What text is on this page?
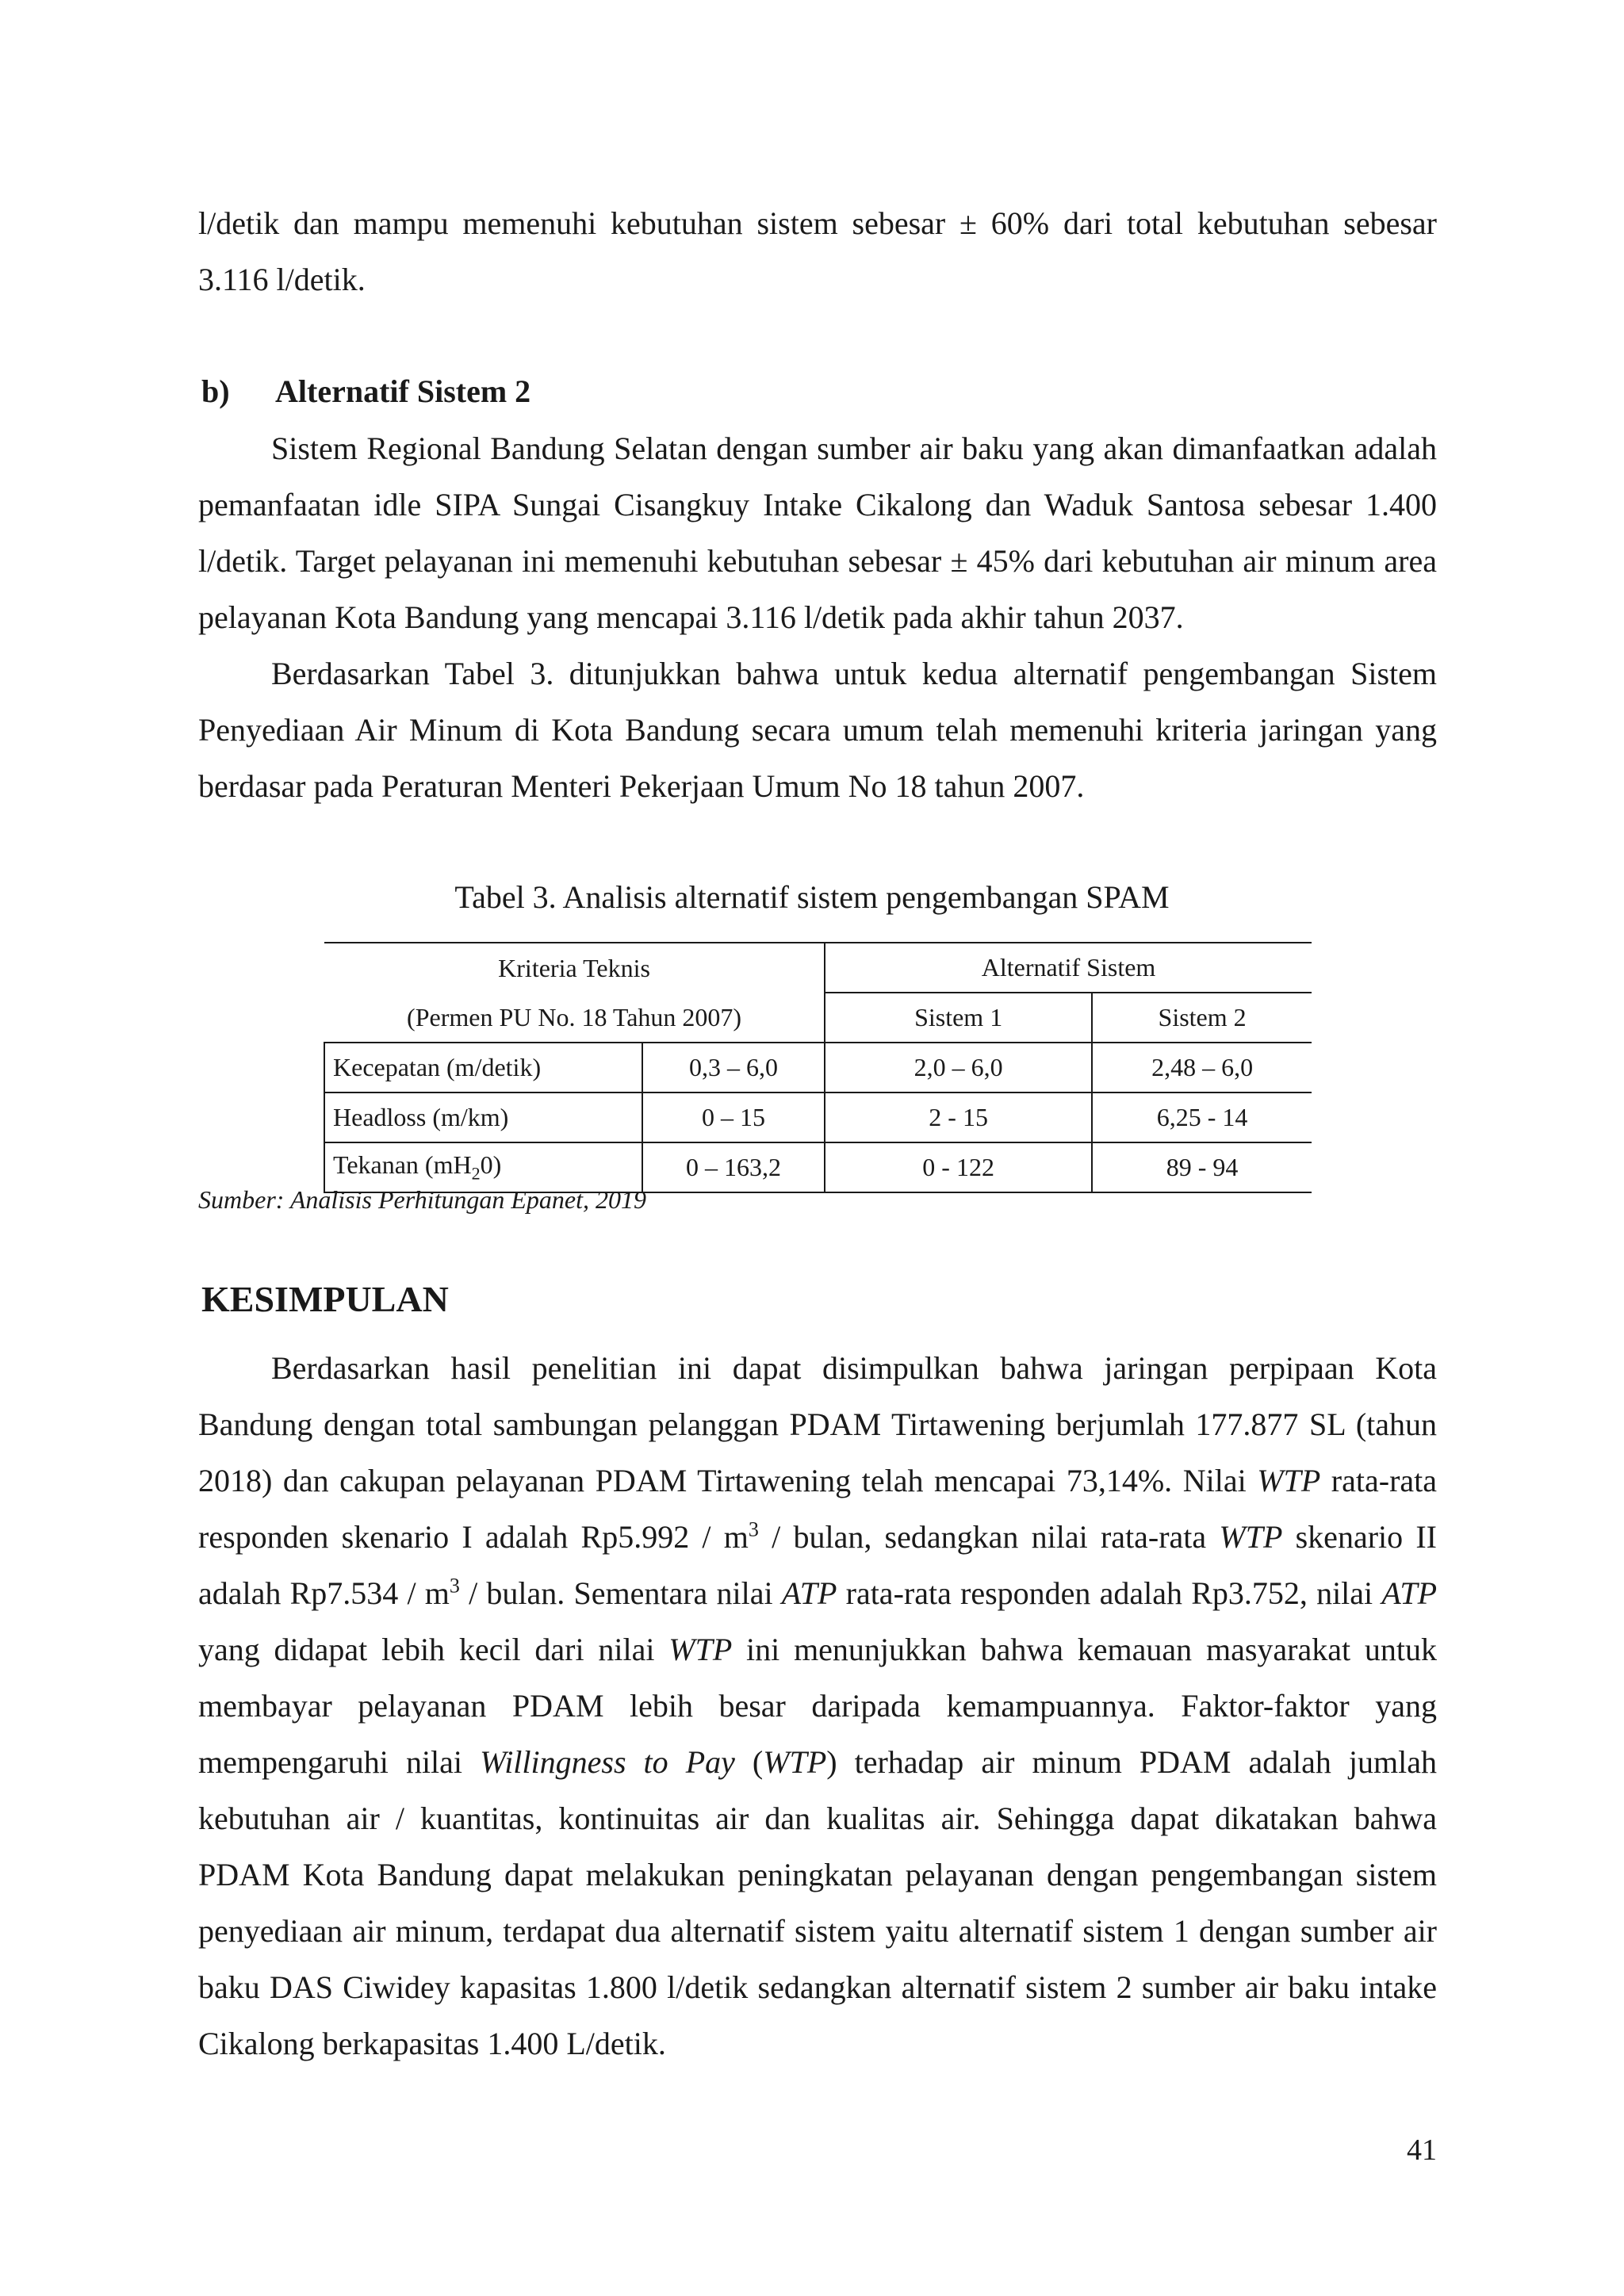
l/detik dan mampu memenuhi kebutuhan sistem sebesar ± 60% dari total kebutuhan sebesar 3.116 l/detik.

b) Alternatif Sistem 2

Sistem Regional Bandung Selatan dengan sumber air baku yang akan dimanfaatkan adalah pemanfaatan idle SIPA Sungai Cisangkuy Intake Cikalong dan Waduk Santosa sebesar 1.400 l/detik. Target pelayanan ini memenuhi kebutuhan sebesar ± 45% dari kebutuhan air minum area pelayanan Kota Bandung yang mencapai 3.116 l/detik pada akhir tahun 2037.

Berdasarkan Tabel 3. ditunjukkan bahwa untuk kedua alternatif pengembangan Sistem Penyediaan Air Minum di Kota Bandung secara umum telah memenuhi kriteria jaringan yang berdasar pada Peraturan Menteri Pekerjaan Umum No 18 tahun 2007.

Tabel 3. Analisis alternatif sistem pengembangan SPAM

Kriteria Teknis		Alternatif Sistem	
(Permen PU No. 18 Tahun 2007)		Sistem 1	Sistem 2
Kecepatan (m/detik)	0,3 – 6,0	2,0 – 6,0	2,48 – 6,0
Headloss (m/km)	0 – 15	2 - 15	6,25 - 14
Tekanan $(mH_20)$	0 – 163,2	0 - 122	89 - 94

Sumber: Analisis Perhitungan Epanet, 2019

KESIMPULAN

Berdasarkan hasil penelitian ini dapat disimpulkan bahwa jaringan perpipaan Kota Bandung dengan total sambungan pelanggan PDAM Tirtawening berjumlah 177.877 SL (tahun 2018) dan cakupan pelayanan PDAM Tirtawening telah mencapai 73,14%. Nilai WTP rata-rata responden skenario I adalah $Rp5.992 / m^3$ / bulan, sedangkan nilai rata-rata WTP skenario II adalah $Rp7.534 / m^3$ / bulan. Sementara nilai ATP rata-rata responden adalah Rp3.752, nilai ATP yang didapat lebih kecil dari nilai WTP ini menunjukkan bahwa kemauan masyarakat untuk membayar pelayanan PDAM lebih besar daripada kemampuannya. Faktor-faktor yang mempengaruhi nilai Willingness to Pay (WTP) terhadap air minum PDAM adalah jumlah kebutuhan air / kuantitas, kontinuitas air dan kualitas air. Sehingga dapat dikatakan bahwa PDAM Kota Bandung dapat melakukan peningkatan pelayanan dengan pengembangan sistem penyediaan air minum, terdapat dua alternatif sistem yaitu alternatif sistem 1 dengan sumber air baku DAS Ciwidey kapasitas 1.800 l/detik sedangkan alternatif sistem 2 sumber air baku intake Cikalong berkapasitas 1.400 L/detik.

41
